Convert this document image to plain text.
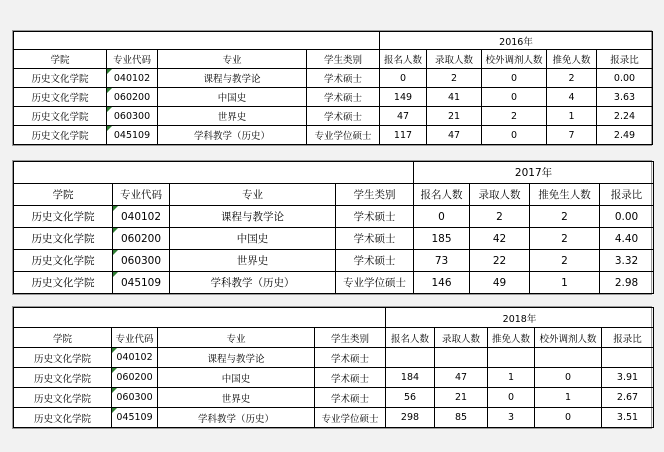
				2016年				
学院	专业代码	专业	学生类别	报名人数	录取人数	校外调剂人数	推免人数	报录比
历史文化学院	040102	课程与教学论	学术硕士	0	2	0	2	0.00
历史文化学院	060200	中国史	学术硕士	149	41	0	4	3.63
历史文化学院	060300	世界史	学术硕士	47	21	2	1	2.24
历史文化学院	045109	学科教学（历史）	专业学位硕士	117	47	0	7	2.49
				2017年			
学院	专业代码	专业	学生类别	报名人数	录取人数	推免生人数	报录比
历史文化学院	040102	课程与教学论	学术硕士	0	2	2	0.00
历史文化学院	060200	中国史	学术硕士	185	42	2	4.40
历史文化学院	060300	世界史	学术硕士	73	22	2	3.32
历史文化学院	045109	学科教学（历史）	专业学位硕士	146	49	1	2.98
				2018年				
学院	专业代码	专业	学生类别	报名人数	录取人数	推免人数	校外调剂人数	报录比
历史文化学院	040102	课程与教学论	学术硕士					
历史文化学院	060200	中国史	学术硕士	184	47	1	0	3.91
历史文化学院	060300	世界史	学术硕士	56	21	0	1	2.67
历史文化学院	045109	学科教学（历史）	专业学位硕士	298	85	3	0	3.51
